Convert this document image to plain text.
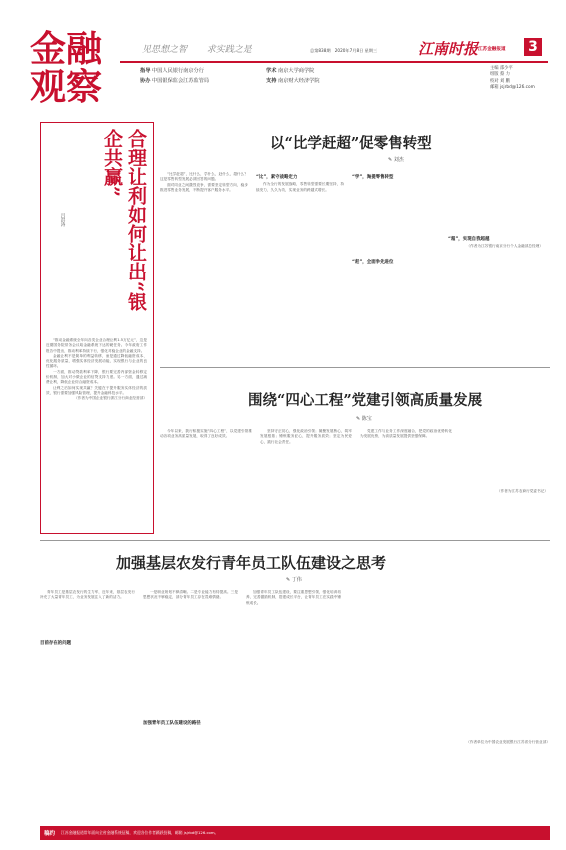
金融
观察
见思想之智 求实践之是	总第838期　2020年7月8日 星期三	江南时报 江苏金融报道 3
指导 中国人民银行南京分行
协办 中国银保监会江苏监管局
学术 南京大学商学院
支持 南京财大经济学院
主编 邵少平
组版 蔡 力
校对 刘 鹏
邮箱 jsjrbd@126.com
合理让利如何让出“银企共赢”
吕洪涛

“推动金融系统全年向各类企业合理让利1.5万亿元”，这是近期国务院常务会议给金融系统下达的硬任务。今年政府工作报告中提出，推动利率持续下行，强化对稳企业的金融支持。

金融让利不是简单的利益转移，而是通过降低融资成本、优化服务质量，增强实体经济发展动能，实现银行与企业的良性循环。

一方面，推动贷款利率下降，银行要完善内部资金转移定价机制，加大对小微企业的信贷支持力度。另一方面，通过减费让利，降低企业综合融资成本。

让利之后如何实现共赢？关键在于提升服务实体经济的质效，银行需要加强风险管理，提升金融科技水平。

（作者为中国企业银行浙江分行商业经营部）

以“比学赶超”促零售转型
✎ 刘杰

“比学赶超”，比什么，学什么，赶什么，超什么？这是零售转型发展必须回答的问题。

面对同业之间激烈竞争，需要坚定转型方向，稳步推进零售业务发展，不断提升客户服务水平。

“比”，紧守战略定力

作为全行的发展战略，零售转型需要长期坚持，持续发力，久久为功，实现业务的跨越式增长。

“学”，淘提零售转型
“赶”，全面争先进位
“超”，实现自我超越

（作者为江苏银行南京分行个人金融部总经理）

围绕“四心工程”党建引领高质量发展
✎ 陈宝

今年以来，我行积极实施“四心工程”，以党建引领推动各项业务高质量发展，取得了良好成效。

坚持守正初心，强化政治引领；凝聚发展核心，筑牢发展根基；锤炼服务匠心，提升服务质效；坚定为民爱心，践行社会责任。

党建工作与业务工作深度融合，把党的政治优势转化为发展优势，为高质量发展提供坚强保障。

（作者为江苏农商行党委书记）

加强基层农发行青年员工队伍建设之思考
✎ 丁伟

青年员工是基层农发行的生力军，近年来，基层农发行补充了大量青年员工，为业务发展注入了新的活力。

目前存在的问题

一是职业规划不够清晰。二是专业能力有待提高。三是思想状况不够稳定，部分青年员工存在畏难情绪。

加强青年员工队伍建设的路径

加强青年员工队伍建设，要注重思想引领，强化培训培养，完善激励机制，搭建成长平台，让青年员工在实践中锤炼成长。

（作者单位为中国农业发展银行江苏省分行营业部）

稿约 江苏金融报道常年面向全省金融系统征稿，欢迎各位作者踊跃投稿，邮箱 jsjrbd@126.com。
